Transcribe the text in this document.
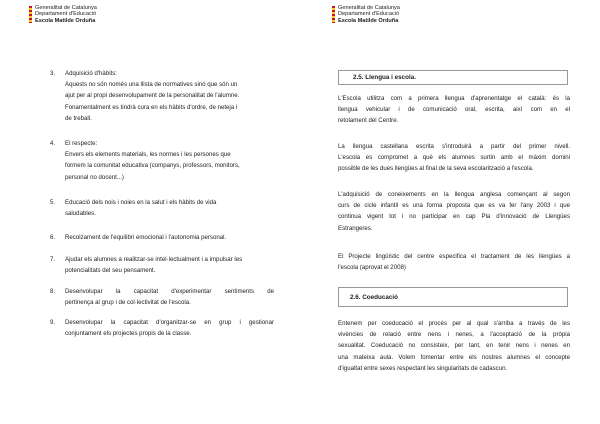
Generalitat de Catalunya
Departament d'Educació
Escola Matilde Orduña
3. Adquisició d'hàbits:
Aquests no són només una llista de normatives sinó que són un
ajut per al propi desenvolupament de la personalitat de l'alumne.
Fonamentalment es tindrà cura en els hàbits d'ordre, de neteja i
de treball.
4. El respecte:
Envers els elements materials, les normes i les persones que
formem la comunitat educativa (companys, professors, monitors,
personal no docent...)
5. Educació dels nois i noies en la salut i els hàbits de vida
saludables.
6. Recolzament de l'equilibri emocional i l'autonomia personal.
7. Ajudar els alumnes a realitzar-se intel·lectualment i a impulsar les
potencialitats del seu pensament.
8. Desenvolupar la capacitat d'experimentar sentiments de
pertinença al grup i de col·lectivitat de l'escola.
9. Desenvolupar la capacitat d'organitzar-se en grup i gestionar
conjuntament els projectes propis de la classe.
Generalitat de Catalunya
Departament d'Educació
Escola Matilde Orduña
2.5. Llengua i escola.
L'Escola utilitza com a primera llengua d'aprenentatge el català: és la
llengua vehicular i de comunicació oral, escrita, així com en el
retolament del Centre.
La llengua castellana escrita s'introduirà a partir del primer nivell.
L'escola es compromet a què els alumnes surtin amb el màxim domini
possible de les dues llengües al final de la seva escolarització a l'escola.
L'adquisició de coneixements en la llengua anglesa començant al segon
curs de cicle infantil es una forma proposta que es va fer l'any 2003 i que
continua vigent tot i no participar en cap Pla d'innovació de Llengües
Estrangeres.
El Projecte lingüístic del centre especifica el tractament de les llengües a
l'escola (aprovat el 2008)
2.6. Coeducació
Entenem per coeducació el procés per al qual s'arriba a través de les
vivències de relació entre nens i nenes, a l'acceptació de la pròpia
sexualitat. Coeducació no consisteix, per tant, en tenir nens i nenes en
una mateixa aula. Volem fomentar entre els nostres alumnes el concepte
d'igualtat entre sexes respectant les singularitats de cadascun.
